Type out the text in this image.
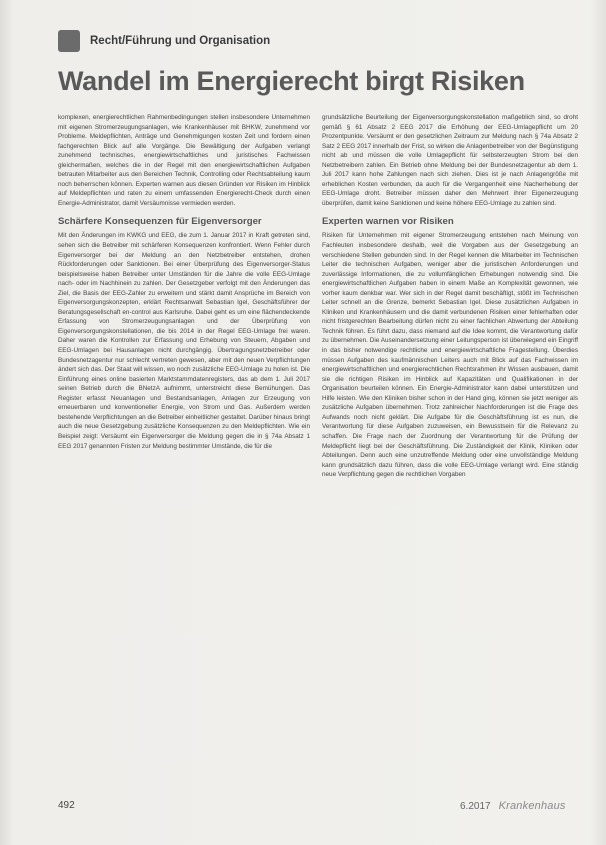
Recht/Führung und Organisation
Wandel im Energierecht birgt Risiken

komplexen, energierechtlichen Rahmenbedingungen stellen insbesondere Unternehmen mit eigenen Stromerzeugungsanlagen, wie Krankenhäuser mit BHKW, zunehmend vor Probleme. Meldepflichten, Anträge und Genehmigungen kosten Zeit und fordern einen fachgerechten Blick auf alle Vorgänge. Die Bewältigung der Aufgaben verlangt zunehmend technisches, energiewirtschaftliches und juristisches Fachwissen gleichermaßen, welches die in der Regel mit den energiewirtschaftlichen Aufgaben betrauten Mitarbeiter aus den Bereichen Technik, Controlling oder Rechtsabteilung kaum noch beherrschen können. Experten warnen aus diesen Gründen vor Risiken im Hinblick auf Meldepflichten und raten zu einem umfassenden Energierecht-Check durch einen Energie-Administrator, damit Versäumnisse vermieden werden.

Schärfere Konsequenzen für Eigenversorger

Mit den Änderungen im KWKG und EEG, die zum 1. Januar 2017 in Kraft getreten sind, sehen sich die Betreiber mit schärferen Konsequenzen konfrontiert. Wenn Fehler durch Eigenversorger bei der Meldung an den Netzbetreiber entstehen, drohen Rückforderungen oder Sanktionen. Bei einer Überprüfung des Eigenversorger-Status beispielsweise haben Betreiber unter Umständen für die Jahre die volle EEG-Umlage nach- oder im Nachhinein zu zahlen. Der Gesetzgeber verfolgt mit den Änderungen das Ziel, die Basis der EEG-Zahler zu erweitern und stärkt damit Ansprüche im Bereich von Eigenversorgungskonzepten, erklärt Rechtsanwalt Sebastian Igel, Geschäftsführer der Beratungsgesellschaft en-control aus Karlsruhe. Dabei geht es um eine flächendeckende Erfassung von Stromerzeugungsanlagen und der Überprüfung von Eigenversorgungskonstellationen, die bis 2014 in der Regel EEG-Umlage frei waren. Daher waren die Kontrollen zur Erfassung und Erhebung von Steuern, Abgaben und EEG-Umlagen bei Hausanlagen nicht durchgängig. Übertragungsnetzbetreiber oder Bundesnetzagentur nur schlecht vertreten gewesen, aber mit den neuen Verpflichtungen ändert sich das. Der Staat will wissen, wo noch zusätzliche EEG-Umlage zu holen ist. Die Einführung eines online basierten Marktstammdatenregisters, das ab dem 1. Juli 2017 seinen Betrieb durch die BNetzA aufnimmt, unterstreicht diese Bemühungen. Das Register erfasst Neuanlagen und Bestandsanlagen, Anlagen zur Erzeugung von erneuerbaren und konventioneller Energie, von Strom und Gas. Außerdem werden bestehende Verpflichtungen an die Betreiber einheitlicher gestaltet. Darüber hinaus bringt auch die neue Gesetzgebung zusätzliche Konsequenzen zu den Meldepflichten. Wie ein Beispiel zeigt: Versäumt ein Eigenversorger die Meldung gegen die in § 74a Absatz 1 EEG 2017 genannten Fristen zur Meldung bestimmter Umstände, die für die

grundsätzliche Beurteilung der Eigenversorgungskonstellation maßgeblich sind, so droht gemäß § 61 Absatz 2 EEG 2017 die Erhöhung der EEG-Umlagepflicht um 20 Prozentpunkte. Versäumt er den gesetzlichen Zeitraum zur Meldung nach § 74a Absatz 2 Satz 2 EEG 2017 innerhalb der Frist, so wirken die Anlagenbetreiber von der Begünstigung nicht ab und müssen die volle Umlagepflicht für selbsterzeugten Strom bei den Netzbetreibern zahlen. Ein Betrieb ohne Meldung bei der Bundesnetzagentur ab dem 1. Juli 2017 kann hohe Zahlungen nach sich ziehen. Dies ist je nach Anlagengröße mit erheblichen Kosten verbunden, da auch für die Vergangenheit eine Nacherhebung der EEG-Umlage droht. Betreiber müssen daher den Mehrwert ihrer Eigenerzeugung überprüfen, damit keine Sanktionen und keine höhere EEG-Umlage zu zahlen sind.

Experten warnen vor Risiken

Risiken für Unternehmen mit eigener Stromerzeugung entstehen nach Meinung von Fachleuten insbesondere deshalb, weil die Vorgaben aus der Gesetzgebung an verschiedene Stellen gebunden sind. In der Regel kennen die Mitarbeiter im Technischen Leiter die technischen Aufgaben, weniger aber die juristischen Anforderungen und zuverlässige Informationen, die zu vollumfänglichen Erhebungen notwendig sind. Die energiewirtschaftlichen Aufgaben haben in einem Maße an Komplexität gewonnen, wie vorher kaum denkbar war. Wer sich in der Regel damit beschäftigt, stößt im Technischen Leiter schnell an die Grenze, bemerkt Sebastian Igel. Diese zusätzlichen Aufgaben in Kliniken und Krankenhäusern und die damit verbundenen Risiken einer fehlerhaften oder nicht fristgerechten Bearbeitung dürfen nicht zu einer fachlichen Abwertung der Abteilung Technik führen. Es führt dazu, dass niemand auf die Idee kommt, die Verantwortung dafür zu übernehmen. Die Auseinandersetzung einer Leitungsperson ist überwiegend ein Eingriff in das bisher notwendige rechtliche und energiewirtschaftliche Fragestellung. Überdies müssen Aufgaben des kaufmännischen Leiters auch mit Blick auf das Fachwissen im energiewirtschaftlichen und energierechtlichen Rechtsrahmen ihr Wissen ausbauen, damit sie die richtigen Risiken im Hinblick auf Kapazitäten und Qualifikationen in der Organisation beurteilen können. Ein Energie-Administrator kann dabei unterstützen und Hilfe leisten. Wie den Kliniken bisher schon in der Hand ging, können sie jetzt weniger als zusätzliche Aufgaben übernehmen. Trotz zahlreicher Nachforderungen ist die Frage des Aufwands noch nicht geklärt. Die Aufgabe für die Geschäftsführung ist es nun, die Verantwortung für diese Aufgaben zuzuweisen, ein Bewusstsein für die Relevanz zu schaffen. Die Frage nach der Zuordnung der Verantwortung für die Prüfung der Meldepflicht liegt bei der Geschäftsführung. Die Zuständigkeit der Klinik, Kliniken oder Abteilungen. Denn auch eine unzutreffende Meldung oder eine unvollständige Meldung kann grundsätzlich dazu führen, dass die volle EEG-Umlage verlangt wird. Eine ständig neue Verpflichtung gegen die rechtlichen Vorgaben

492	6.2017 Krankenhaus
